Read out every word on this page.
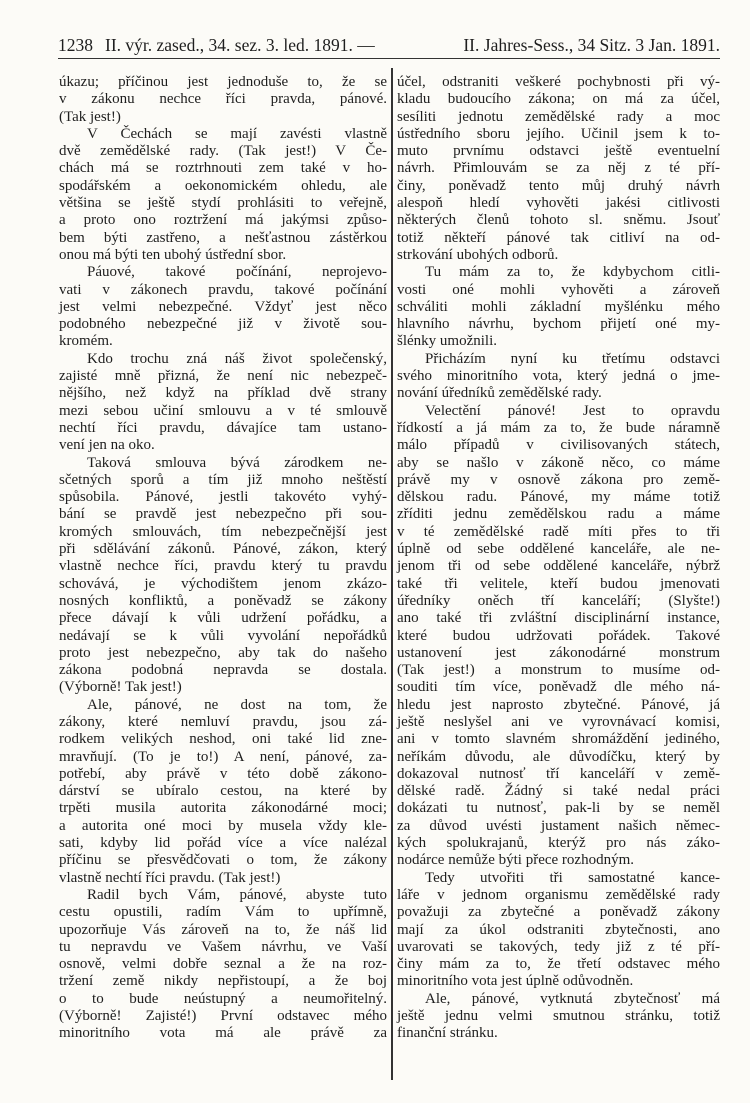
1238 II. výr. zased., 34. sez. 3. led. 1891. —	II. Jahres-Sess., 34 Sitz. 3 Jan. 1891.
úkazu; příčinou jest jednoduše to, že se
v zákonu nechce říci pravda, pánové.
(Tak jest!)
V Čechách se mají zavésti vlastně
dvě zemědělské rady. (Tak jest!) V Če-
chách má se roztrhnouti zem také v ho-
spodářském a oekonomickém ohledu, ale
většina se ještě stydí prohlásiti to veřejně,
a proto ono roztržení má jakýmsi způso-
bem býti zastřeno, a nešťastnou zástěrkou
onou má býti ten ubohý ústřední sbor.
Páuové, takové počínání, neprojevo-
vati v zákonech pravdu, takové počínání
jest velmi nebezpečné. Vždyť jest něco
podobného nebezpečné již v životě sou-
kromém.
Kdo trochu zná náš život společenský,
zajisté mně přizná, že není nic nebezpeč-
nějšího, než když na příklad dvě strany
mezi sebou učiní smlouvu a v té smlouvě
nechtí říci pravdu, dávajíce tam ustano-
vení jen na oko.
Taková smlouva bývá zárodkem ne-
sčetných sporů a tím již mnoho neštěstí
spůsobila. Pánové, jestli takovéto vyhý-
bání se pravdě jest nebezpečno při sou-
kromých smlouvách, tím nebezpečnější jest
při sdělávání zákonů. Pánové, zákon, který
vlastně nechce říci, pravdu který tu pravdu
schovává, je východištem jenom zkázo-
nosných konfliktů, a poněvadž se zákony
přece dávají k vůli udržení pořádku, a
nedávají se k vůli vyvolání nepořádků
proto jest nebezpečno, aby tak do našeho
zákona podobná nepravda se dostala.
(Výborně! Tak jest!)
Ale, pánové, ne dost na tom, že
zákony, které nemluví pravdu, jsou zá-
rodkem velikých neshod, oni také lid zne-
mravňují. (To je to!) A není, pánové, za-
potřebí, aby právě v této době zákono-
dárství se ubíralo cestou, na které by
trpěti musila autorita zákonodárné moci;
a autorita oné moci by musela vždy kle-
sati, kdyby lid pořád více a více nalézal
příčinu se přesvědčovati o tom, že zákony
vlastně nechtí říci pravdu. (Tak jest!)
Radil bych Vám, pánové, abyste tuto
cestu opustili, radím Vám to upřímně,
upozorňuje Vás zároveň na to, že náš lid
tu nepravdu ve Vašem návrhu, ve Vaší
osnově, velmi dobře seznal a že na roz-
tržení země nikdy nepřistoupí, a že boj
o to bude neústupný a neumořitelný.
(Výborně! Zajisté!) První odstavec mého
minoritního vota má ale právě za
účel, odstraniti veškeré pochybnosti při vý-
kladu budoucího zákona; on má za účel,
sesíliti jednotu zemědělské rady a moc
ústředního sboru jejího. Učinil jsem k to-
muto prvnímu odstavci ještě eventuelní
návrh. Přimlouvám se za něj z té pří-
činy, poněvadž tento můj druhý návrh
alespoň hledí vyhověti jakési citlivosti
některých členů tohoto sl. sněmu. Jsouť
totiž někteří pánové tak citliví na od-
strkování ubohých odborů.
Tu mám za to, že kdybychom citli-
vosti oné mohli vyhověti a zároveň
schváliti mohli základní myšlénku mého
hlavního návrhu, bychom přijetí oné my-
šlénky umožnili.
Přicházím nyní ku třetímu odstavci
svého minoritního vota, který jedná o jme-
nování úředníků zemědělské rady.
Velectění pánové! Jest to opravdu
řídkostí a já mám za to, že bude náramně
málo případů v civilisovaných státech,
aby se našlo v zákoně něco, co máme
právě my v osnově zákona pro země-
dělskou radu. Pánové, my máme totiž
zříditi jednu zemědělskou radu a máme
v té zemědělské radě míti přes to tři
úplně od sebe oddělené kanceláře, ale ne-
jenom tři od sebe oddělené kanceláře, nýbrž
také tři velitele, kteří budou jmenovati
úředníky oněch tří kanceláří; (Slyšte!)
ano také tři zvláštní disciplinární instance,
které budou udržovati pořádek. Takové
ustanovení jest zákonodárné monstrum
(Tak jest!) a monstrum to musíme od-
souditi tím více, poněvadž dle mého ná-
hledu jest naprosto zbytečné. Pánové, já
ještě neslyšel ani ve vyrovnávací komisi,
ani v tomto slavném shromáždění jediného,
neříkám důvodu, ale důvodíčku, který by
dokazoval nutnosť tří kanceláří v země-
dělské radě. Žádný si také nedal práci
dokázati tu nutnosť, pak-li by se neměl
za důvod uvésti justament našich němec-
kých spolukrajanů, kterýž pro nás záko-
nodárce nemůže býti přece rozhodným.
Tedy utvořiti tři samostatné kance-
láře v jednom organismu zemědělské rady
považuji za zbytečné a poněvadž zákony
mají za úkol odstraniti zbytečnosti, ano
uvarovati se takových, tedy již z té pří-
činy mám za to, že třetí odstavec mého
minoritního vota jest úplně odůvodněn.
Ale, pánové, vytknutá zbytečnosť má
ještě jednu velmi smutnou stránku, totiž
finanční stránku.
